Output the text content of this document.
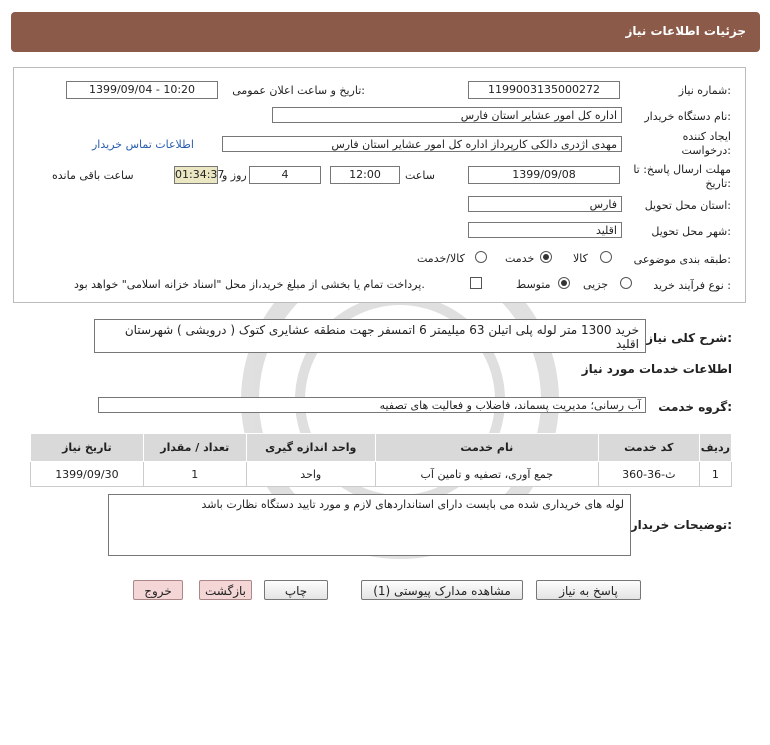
جزئیات اطلاعات نیاز
شماره نیاز:
1199003135000272
تاریخ و ساعت اعلان عمومی:
1399/09/04 - 10:20
نام دستگاه خریدار:
اداره کل امور عشایر استان فارس
ایجاد کننده درخواست:
مهدی اژدری دالکی کارپرداز اداره کل امور عشایر استان فارس
اطلاعات تماس خریدار
مهلت ارسال پاسخ: تا تاریخ:
1399/09/08
ساعت
12:00
4
روز و
01:34:37
ساعت باقی مانده
استان محل تحویل:
فارس
شهر محل تحویل:
اقلید
طبقه بندی موضوعی:
کالا
خدمت
کالا/خدمت
نوع فرآیند خرید :
جزیی
متوسط
پرداخت تمام یا بخشی از مبلغ خرید،از محل "اسناد خزانه اسلامی" خواهد بود.
شرح کلی نیاز:
خرید 1300 متر لوله پلی اتیلن 63 میلیمتر 6 اتمسفر جهت منطقه عشایری کتوک ( درویشی ) شهرستان اقلید
اطلاعات خدمات مورد نیاز
گروه خدمت:
آب رسانی؛ مدیریت پسماند، فاضلاب و فعالیت های تصفیه
ردیف	کد خدمت	نام خدمت	واحد اندازه گیری	تعداد / مقدار	تاریخ نیاز
1	ث-36-360	جمع آوری، تصفیه و تامین آب	واحد	1	1399/09/30
توضیحات خریدار:
لوله های خریداری شده می بایست دارای استانداردهای لازم و مورد تایید دستگاه نظارت باشد
پاسخ به نیاز
مشاهده مدارک پیوستی (1)
چاپ
بازگشت
خروج
